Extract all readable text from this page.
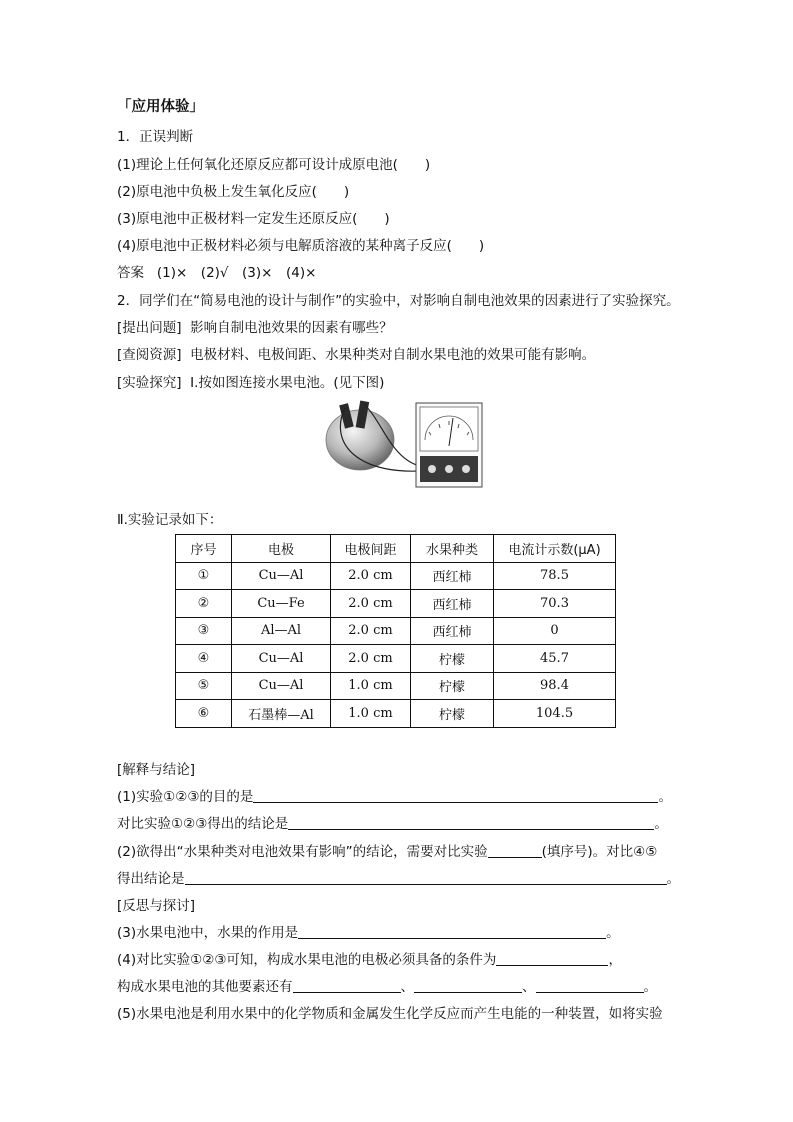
「应用体验」
1．正误判断
(1)理论上任何氧化还原反应都可设计成原电池(　　)
(2)原电池中负极上发生氧化反应(　　)
(3)原电池中正极材料一定发生还原反应(　　)
(4)原电池中正极材料必须与电解质溶液的某种离子反应(　　)
答案 (1)×　(2)√　(3)×　(4)×
2．同学们在“简易电池的设计与制作”的实验中，对影响自制电池效果的因素进行了实验探究。
[提出问题] 影响自制电池效果的因素有哪些？
[查阅资源] 电极材料、电极间距、水果种类对自制水果电池的效果可能有影响。
[实验探究] Ⅰ.按如图连接水果电池。(见下图)
Ⅱ.实验记录如下：
序号	电极	电极间距	水果种类	电流计示数(μA)
①	Cu—Al	2.0 cm	西红柿	78.5
②	Cu—Fe	2.0 cm	西红柿	70.3
③	Al—Al	2.0 cm	西红柿	0
④	Cu—Al	2.0 cm	柠檬	45.7
⑤	Cu—Al	1.0 cm	柠檬	98.4
⑥	石墨棒—Al	1.0 cm	柠檬	104.5
[解释与结论]
(1)实验①②③的目的是	。
对比实验①②③得出的结论是	。
(2)欲得出“水果种类对电池效果有影响”的结论，需要对比实验	(填序号)。对比④⑤
得出结论是	。
[反思与探讨]
(3)水果电池中，水果的作用是	。
(4)对比实验①②③可知，构成水果电池的电极必须具备的条件为	，
构成水果电池的其他要素还有	、	、	。
(5)水果电池是利用水果中的化学物质和金属发生化学反应而产生电能的一种装置，如将实验
